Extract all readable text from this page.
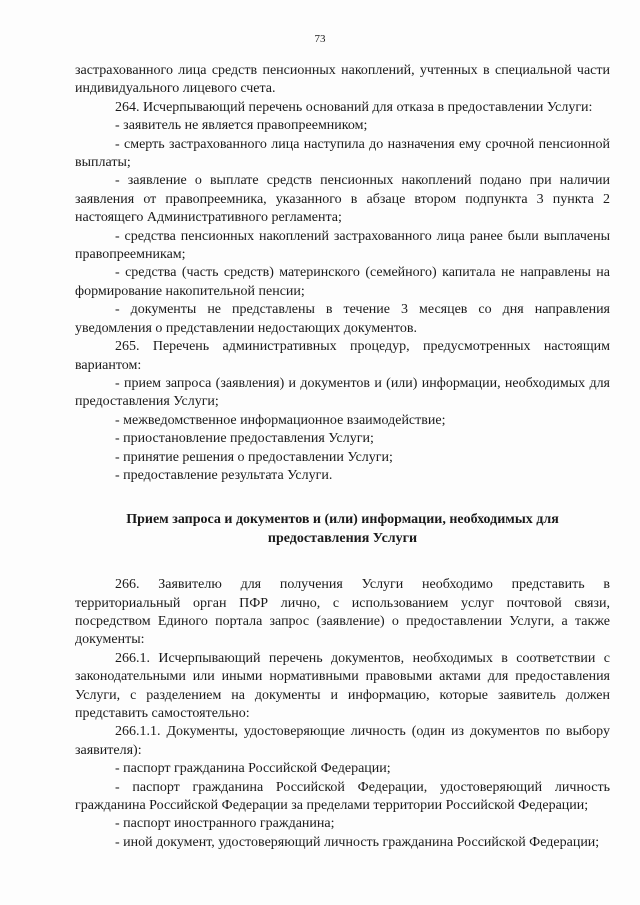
73

застрахованного лица средств пенсионных накоплений, учтенных в специальной части индивидуального лицевого счета.

264. Исчерпывающий перечень оснований для отказа в предоставлении Услуги:

- заявитель не является правопреемником;

- смерть застрахованного лица наступила до назначения ему срочной пенсионной выплаты;

- заявление о выплате средств пенсионных накоплений подано при наличии заявления от правопреемника, указанного в абзаце втором подпункта 3 пункта 2 настоящего Административного регламента;

- средства пенсионных накоплений застрахованного лица ранее были выплачены правопреемникам;

- средства (часть средств) материнского (семейного) капитала не направлены на формирование накопительной пенсии;

- документы не представлены в течение 3 месяцев со дня направления уведомления о представлении недостающих документов.

265. Перечень административных процедур, предусмотренных настоящим вариантом:

- прием запроса (заявления) и документов и (или) информации, необходимых для предоставления Услуги;

- межведомственное информационное взаимодействие;

- приостановление предоставления Услуги;

- принятие решения о предоставлении Услуги;

- предоставление результата Услуги.

Прием запроса и документов и (или) информации, необходимых для предоставления Услуги

266. Заявителю для получения Услуги необходимо представить в территориальный орган ПФР лично, с использованием услуг почтовой связи, посредством Единого портала запрос (заявление) о предоставлении Услуги, а также документы:

266.1. Исчерпывающий перечень документов, необходимых в соответствии с законодательными или иными нормативными правовыми актами для предоставления Услуги, с разделением на документы и информацию, которые заявитель должен представить самостоятельно:

266.1.1. Документы, удостоверяющие личность (один из документов по выбору заявителя):

- паспорт гражданина Российской Федерации;

- паспорт гражданина Российской Федерации, удостоверяющий личность гражданина Российской Федерации за пределами территории Российской Федерации;

- паспорт иностранного гражданина;

- иной документ, удостоверяющий личность гражданина Российской Федерации;
